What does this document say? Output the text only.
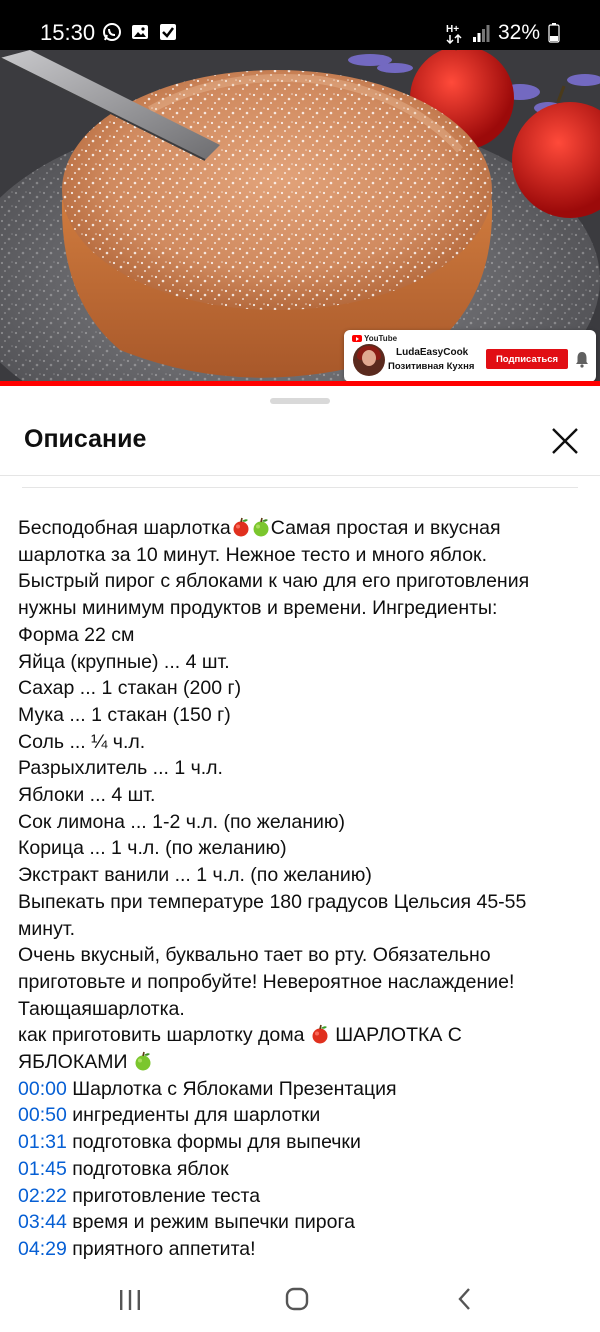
15:30	H+ 32%
YouTube
LudaEasyCook
Позитивная Кухня
Подписаться
Описание
Бесподобная шарлотка Самая простая и вкусная
шарлотка за 10 минут. Нежное тесто и много яблок.
Быстрый пирог с яблоками к чаю для его приготовления
нужны минимум продуктов и времени. Ингредиенты:
Форма 22 см
Яйца (крупные) ... 4 шт.
Сахар ... 1 стакан (200 г)
Мука ... 1 стакан (150 г)
Соль ... ¼ ч.л.
Разрыхлитель ... 1 ч.л.
Яблоки ... 4 шт.
Сок лимона ... 1-2 ч.л. (по желанию)
Корица ... 1 ч.л. (по желанию)
Экстракт ванили ... 1 ч.л. (по желанию)
Выпекать при температуре 180 градусов Цельсия 45-55
минут.
Очень вкусный, буквально тает во рту. Обязательно
приготовьте и попробуйте! Невероятное наслаждение!
Тающаяшарлотка.
как приготовить шарлотку дома  ШАРЛОТКА С
ЯБЛОКАМИ
00:00 Шарлотка с Яблоками Презентация
00:50 ингредиенты для шарлотки
01:31 подготовка формы для выпечки
01:45 подготовка яблок
02:22 приготовление теста
03:44 время и режим выпечки пирога
04:29 приятного аппетита!
